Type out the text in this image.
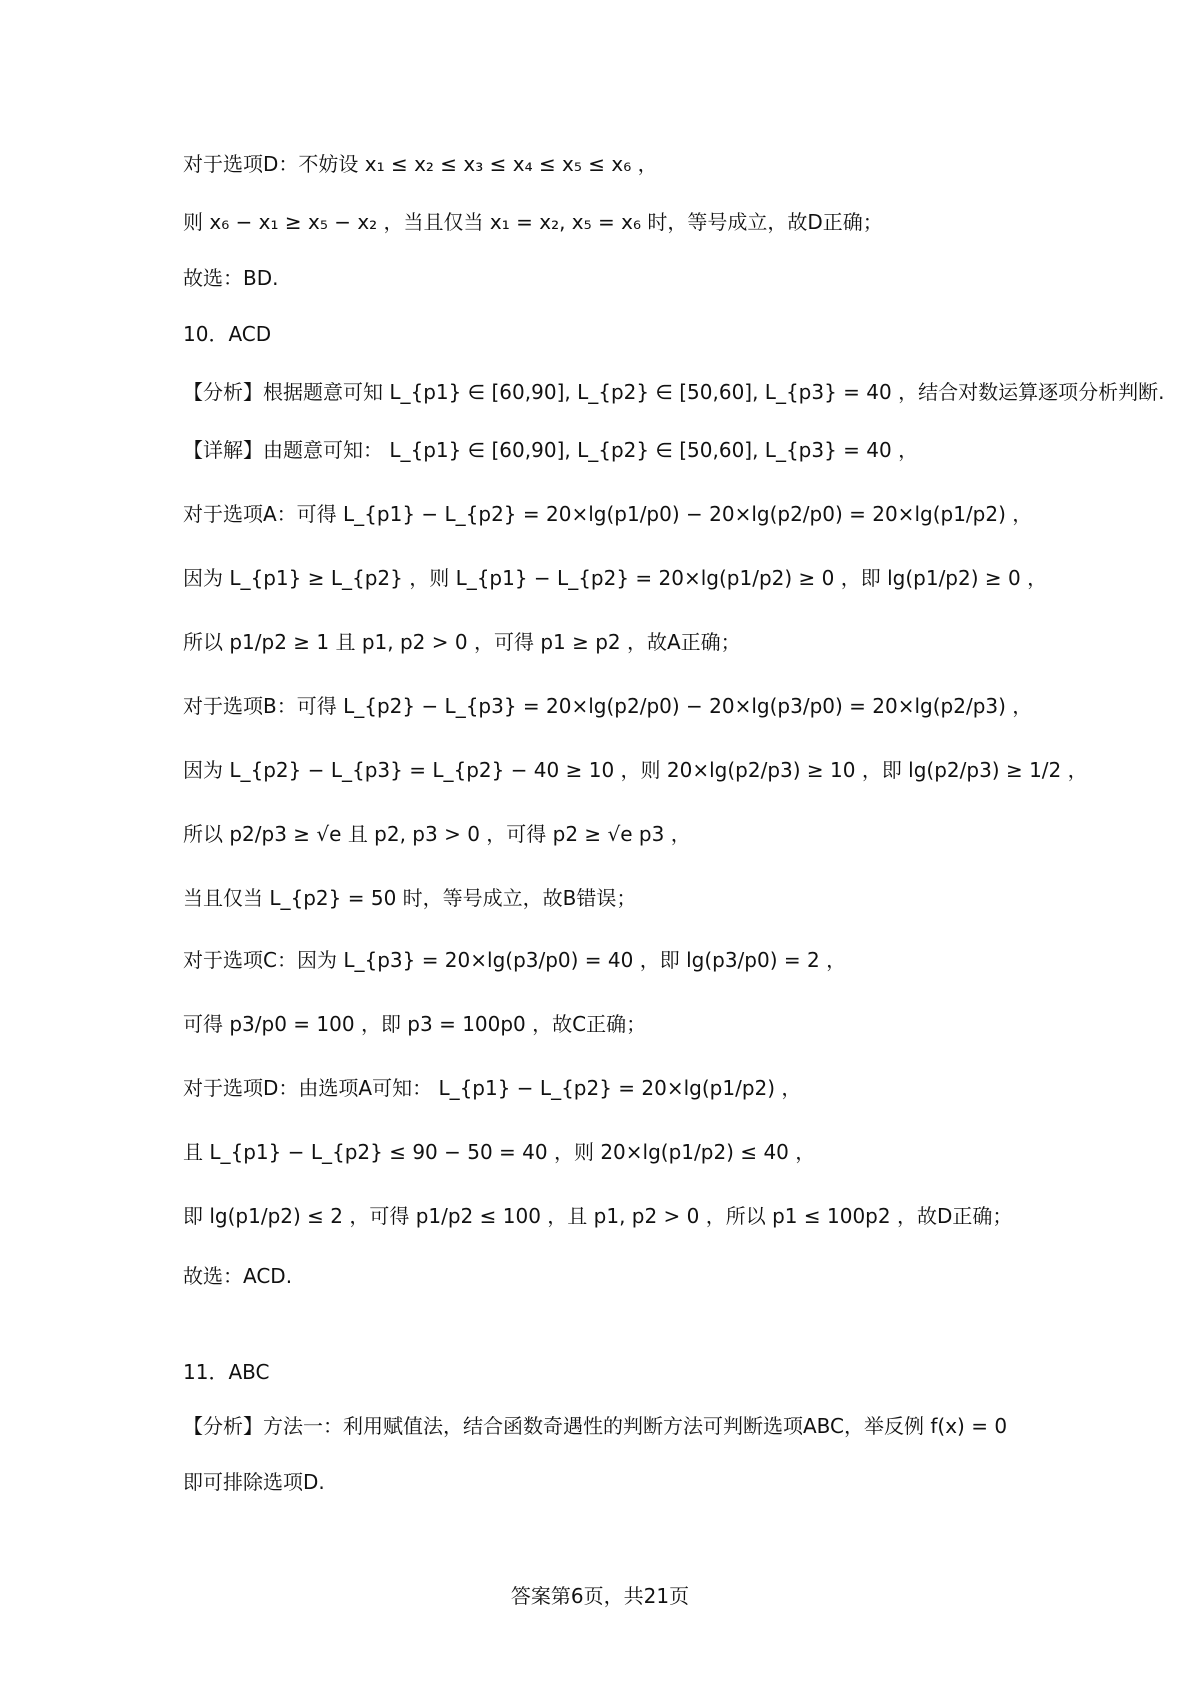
对于选项D：不妨设 x₁ ≤ x₂ ≤ x₃ ≤ x₄ ≤ x₅ ≤ x₆ ，
则 x₆ − x₁ ≥ x₅ − x₂ ，当且仅当 x₁ = x₂, x₅ = x₆ 时，等号成立，故D正确；
故选：BD.
10．ACD
【分析】根据题意可知 L_{p1} ∈ [60,90], L_{p2} ∈ [50,60], L_{p3} = 40 ，结合对数运算逐项分析判断.
【详解】由题意可知： L_{p1} ∈ [60,90], L_{p2} ∈ [50,60], L_{p3} = 40 ，
对于选项A：可得 L_{p1} − L_{p2} = 20×lg(p1/p0) − 20×lg(p2/p0) = 20×lg(p1/p2) ，
因为 L_{p1} ≥ L_{p2} ，则 L_{p1} − L_{p2} = 20×lg(p1/p2) ≥ 0 ，即 lg(p1/p2) ≥ 0 ，
所以 p1/p2 ≥ 1 且 p1, p2 > 0 ，可得 p1 ≥ p2 ，故A正确；
对于选项B：可得 L_{p2} − L_{p3} = 20×lg(p2/p0) − 20×lg(p3/p0) = 20×lg(p2/p3) ，
因为 L_{p2} − L_{p3} = L_{p2} − 40 ≥ 10 ，则 20×lg(p2/p3) ≥ 10 ，即 lg(p2/p3) ≥ 1/2 ，
所以 p2/p3 ≥ √e 且 p2, p3 > 0 ，可得 p2 ≥ √e p3 ，
当且仅当 L_{p2} = 50 时，等号成立，故B错误；
对于选项C：因为 L_{p3} = 20×lg(p3/p0) = 40 ，即 lg(p3/p0) = 2 ，
可得 p3/p0 = 100 ，即 p3 = 100p0 ，故C正确；
对于选项D：由选项A可知： L_{p1} − L_{p2} = 20×lg(p1/p2) ，
且 L_{p1} − L_{p2} ≤ 90 − 50 = 40 ，则 20×lg(p1/p2) ≤ 40 ，
即 lg(p1/p2) ≤ 2 ，可得 p1/p2 ≤ 100 ，且 p1, p2 > 0 ，所以 p1 ≤ 100p2 ，故D正确；
故选：ACD.
11．ABC
【分析】方法一：利用赋值法，结合函数奇遇性的判断方法可判断选项ABC，举反例 f(x) = 0
即可排除选项D.
答案第6页，共21页
